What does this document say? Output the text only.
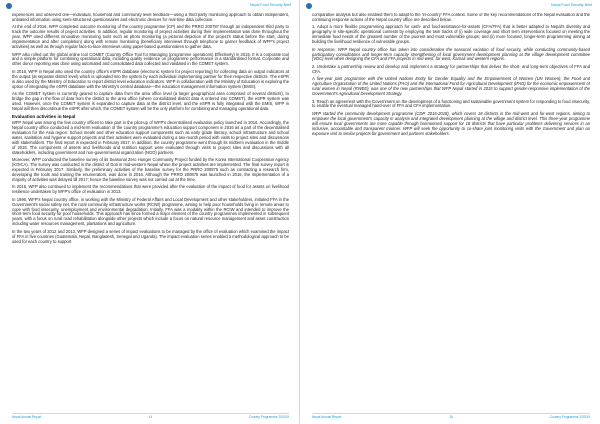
Nepal Food Security Brief

experiences and observed one—individual, household and community level feedback—using a third party monitoring approach to obtain independent, unbiased information using semi-structured questionnaires and electronic devices for real-time data collection.

At the end of 2016, WFP completed outcome monitoring of the country programme (CP) and the PRRO 200787 through an independent third party to track the outcome results of project activities. In addition, regular monitoring of project activities during their implementation was done throughout the year. WFP used different innovative monitoring tools such as photo monitoring (a pictorial depiction of the project's status before the start, during implementation and after completion) along with remote monitoring (beneficiary interviews through telephone to garner feedback of WFP's project activities) as well as through regular face-to-face interviews using paper-based questionnaires to gather data.

WFP also rolled out the global online tool COMET (Country Office Tool for Managing (programme operations) Effectively) in 2016. It is a corporate tool and a simple platform for combining operational data, including quality evidence on programme performance in a standardised format. Corporate and other donor reporting was done using automated and consolidated data collected and validated in the COMET system.

In 2016, WFP in Nepal also used the country office's eSPR database (electronic system for project reporting) for collecting data on output indicators at the output (at separate district level) which is uploaded into the system by each individual implementing partner for their respective districts. The eSPR is also used by the Ministry of Education to report district level education indicators. WFP in collaboration with the Ministry of Education is exploring the option of integrating the eSPR database with the Ministry's central database—the education management information system (EMIS).

As the COMET system is currently geared to capture data from the area office level (a larger geographical area comprised of several districts), to bridge the gap in the flow of data from the district to the area office (where consolidated district data is entered into COMET), the eSPR system was used. However, once the COMET system is expanded to capture data at the district level, and the eSPR is fully integrated with the EMIS, WFP in Nepal will then discontinue the eSPR after which, the COMET system will be the only platform for combining and managing operational data.

Evaluation activities in Nepal

WFP Nepal was among the few country offices to take part in the pilot-up of WFP's decentralised evaluation policy launched in 2016. Accordingly, the Nepal country office conducted a mid-term evaluation of the country programme's education support component in 2016 as a part of the decentralised evaluation for the Asia region. School meals and other education support components such as early grade literacy, school infrastructure and school water, sanitation and hygiene support projects and their activities were evaluated during a two-month period with visits to project sites and discussions with stakeholders. The final report is expected in February 2017. In addition, the country programme went through its midterm evaluation in the middle of 2016. The components of assets and livelihoods and nutrition support were evaluated through visits to project sites and discussions with all stakeholders, including government and non-governmental organization (NGO) partners.

Moreover, WFP conducted the baseline survey of its Seasonal Zero Hunger Community Project funded by the Korea International Cooperation Agency (KOICA). The survey was conducted in the district of Doti in mid-western Nepal where the project activities are implemented. The final survey report is expected in February 2017. Similarly, the preliminary activities of the baseline survey for the PRRO 200875 such as contracting a research firm, developing the tools and training the enumerators, was done in 2016. Although the PRRO 200875 was launched in 2016, the implementation of a majority of activities was delayed till 2017; hence the baseline survey was not carried out at the time.

In 2016, WFP also continued to implement the recommendations that were provided after the evaluation of the impact of food for assets on livelihood resilience undertaken by WFP's office of evaluation in 2013.

In 1996, WFP's Nepal country office, in working with the Ministry of Federal Affairs and Local Development and other stakeholders, initiated FFA in the Government's social safety net, the rural community infrastructure works (RCIW) programme, aiming to help poor households living in remote areas to cope with food insecurity, unemployment and environmental degradation. Initially, FFA was a modality within the RCIW and intended to improve the short-term food security for poor households. This approach has since formed a major element of the country programmes implemented in subsequent years, with a focus on rural road rehabilitation alongside other projects which include a focus on natural resource management and asset construction including water resources management, plantations and agriculture.

In the two years of 2012 and 2013, WFP designed a series of impact evaluations to be managed by the office of evaluation which examined the impact of FFA in five countries (Guatemala, Nepal, Bangladesh, Senegal and Uganda). The impact evaluation series enabled a methodological approach to be used for each country to support

Nepal Annual Report	14	Country Programme 200319
Nepal Food Security Brief

comparative analysis but also enabled them to adapt to the 'in-country' FFA context. Some of the key recommendations of the Nepal evaluation and the continuing response actions of the Nepal country office are described below.

1. Adopt a more flexible programming approach for cash- and food-assistance-for-assets (CFA/FFA) that is better adapted to Nepal's diversity and geography in site-specific operational contexts by employing the twin tracks of (i) wide coverage and short term interventions focused on meeting the immediate food needs of the greatest number of the poorest and most vulnerable groups; and (ii) more focused, longer-term programming aiming at building the livelihood resilience of vulnerable groups.

In response, WFP Nepal country office has taken into consideration the seasonal variation of food security, while conducting community-based participatory consultations and longer-term capacity strengthening of local government development planning at the village development committee (VDC) level when designing the CFA and FFA projects in mid-west, far-west, Karnali and western regions.

2. Undertake a partnership review and develop and implement a strategy for partnerships that deliver the short- and long-term objectives of FFA and CFA.

A five-year joint programme with the United Nations Entity for Gender Equality and the Empowerment of Women (UN Women), the Food and Agriculture Organization of the United Nations (FAO) and the International Fund for Agricultural Development (IFAD) for the economic empowerment of rural women in Nepal (RWEE), was one of the new partnerships that WFP Nepal started in 2015 to support gender-responsive implementation of the Government's Agricultural Development Strategy.

3. Reach an agreement with the Government on the development of a functioning and sustainable government system for responding to food insecurity, to enable the eventual managed hand-over of FFA and CFA implementation.

WFP started the community development programme (CDP, 2016-2018), which covers 18 districts in the mid-west and far-west regions, aiming to empower the local government's capacity in analysis and integrated development planning at the village and district level. This three-year programme will ensure local governments are more capable through harmonised support for 18 districts that have particular problems delivering services in an inclusive, accountable and transparent manner. WFP will seek the opportunity to co-share joint monitoring visits with the Government and plan an exposure visit to similar projects for government and partners stakeholders.

Nepal Annual Report	15	Country Programme 200319
